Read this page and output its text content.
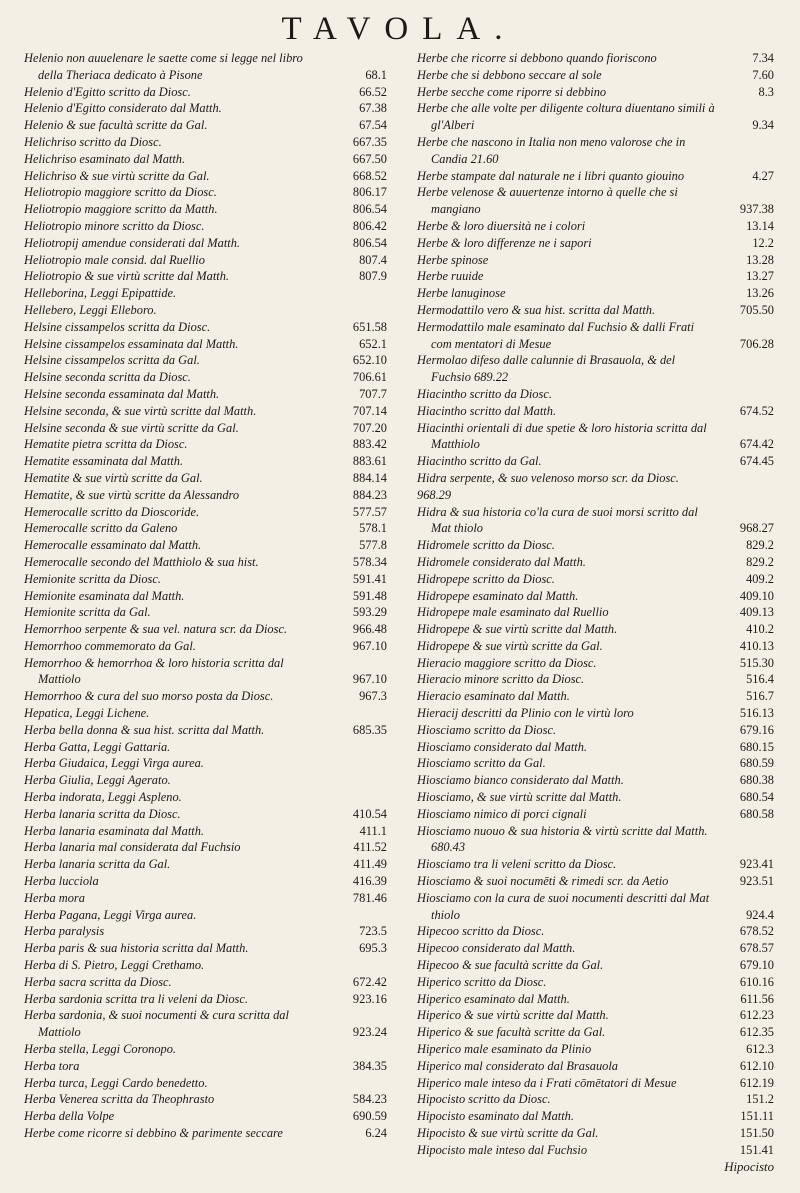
TAVOLA.
Helenio non auuelenare le saette come si legge nel libro della Theriaca dedicato à Pisone	68.1
Helenio d'Egitto scritto da Diosc.	66.52
Helenio d'Egitto considerato dal Matth.	67.38
Helenio & sue facultà scritte da Gal.	67.54
Helichriso scritto da Diosc.	667.35
Helichriso esaminato dal Matth.	667.50
Helichriso & sue virtù scritte da Gal.	668.52
Heliotropio maggiore scritto da Diosc.	806.17
Heliotropio maggiore scritto da Matth.	806.54
Heliotropio minore scritto da Diosc.	806.42
Heliotropij amendue considerati dal Matth.	806.54
Heliotropio male consid. dal Ruellio	807.4
Heliotropio & sue virtù scritte dal Matth.	807.9
Helleborina, Leggi Epipattide.
Hellebero, Leggi Elleboro.
Helsine cissampelos scritta da Diosc.	651.58
Helsine cissampelos essaminata dal Matth.	652.1
Helsine cissampelos scritta da Gal.	652.10
Helsine seconda scritta da Diosc.	706.61
Helsine seconda essaminata dal Matth.	707.7
Helsine seconda, & sue virtù scritte dal Matth.	707.14
Helsine seconda & sue virtù scritte da Gal.	707.20
Hematite pietra scritta da Diosc.	883.42
Hematite essaminata dal Matth.	883.61
Hematite & sue virtù scritte da Gal.	884.14
Hematite, & sue virtù scritte da Alessandro	884.23
Hemerocalle scritto da Dioscoride.	577.57
Hemerocalle scritto da Galeno	578.1
Hemerocalle essaminato dal Matth.	577.8
Hemerocalle secondo del Matthiolo & sua hist.	578.34
Hemionite scritta da Diosc.	591.41
Hemionite esaminata dal Matth.	591.48
Hemionite scritta da Gal.	593.29
Hemorrhoo serpente & sua vel. natura scr. da Diosc.	966.48
Hemorrhoo commemorato da Gal.	967.10
Hemorrhoo & hemorrhoa & loro historia scritta dal Mattiolo	967.10
Hemorrhoo & cura del suo morso posta da Diosc.	967.3
Hepatica, Leggi Lichene.
Herba bella donna & sua hist. scritta dal Matth.	685.35
Herba Gatta, Leggi Gattaria.
Herba Giudaica, Leggi Virga aurea.
Herba Giulia, Leggi Agerato.
Herba indorata, Leggi Aspleno.
Herba lanaria scritta da Diosc.	410.54
Herba lanaria esaminata dal Matth.	411.1
Herba lanaria mal considerata dal Fuchsio	411.52
Herba lanaria scritta da Gal.	411.49
Herba lucciola	416.39
Herba mora	781.46
Herba Pagana, Leggi Virga aurea.
Herba paralysis	723.5
Herba paris & sua historia scritta dal Matth.	695.3
Herba di S. Pietro, Leggi Crethamo.
Herba sacra scritta da Diosc.	672.42
Herba sardonia scritta tra li veleni da Diosc.	923.16
Herba sardonia, & suoi nocumenti & cura scritta dal Mattiolo	923.24
Herba stella, Leggi Coronopo.
Herba tora	384.35
Herba turca, Leggi Cardo benedetto.
Herba Venerea scritta da Theophrasto	584.23
Herba della Volpe	690.59
Herbe come ricorre si debbino & parimente seccare	6.24
Herbe che ricorre si debbono quando fioriscono	7.34
Herbe che si debbono seccare al sole	7.60
Herbe secche come riporre si debbino	8.3
Herbe che alle volte per diligente coltura diuentano simili à gl'Alberi	9.34
Herbe che nascono in Italia non meno valorose che in Candia 21.60
Herbe stampate dal naturale ne i libri quanto giouino	4.27
Herbe velenose & auuertenze intorno à quelle che si mangiano	937.38
Herbe & loro diuersità ne i colori	13.14
Herbe & loro differenze ne i sapori	12.2
Herbe spinose	13.28
Herbe ruuide	13.27
Herbe lanuginose	13.26
Hermodattilo vero & sua hist. scritta dal Matth.	705.50
Hermodattilo male esaminato dal Fuchsio & dalli Frati com mentatori di Mesue	706.28
Hermolao difeso dalle calunnie di Brasauola, & del Fuchsio 689.22
Hiacintho scritto da Diosc.
Hiacintho scritto dal Matth.	674.52
Hiacinthi orientali di due spetie & loro historia scritta dal Matthiolo	674.42
Hiacintho scritto da Gal.	674.45
Hidra serpente, & suo velenoso morso scr. da Diosc. 968.29
Hidra & sua historia co'la cura de suoi morsi scritto dal Mat thiolo	968.27
Hidromele scritto da Diosc.	829.2
Hidromele considerato dal Matth.	829.2
Hidropepe scritto da Diosc.	409.2
Hidropepe esaminato dal Matth.	409.10
Hidropepe male esaminato dal Ruellio	409.13
Hidropepe & sue virtù scritte dal Matth.	410.2
Hidropepe & sue virtù scritte da Gal.	410.13
Hieracio maggiore scritto da Diosc.	515.30
Hieracio minore scritto da Diosc.	516.4
Hieracio esaminato dal Matth.	516.7
Hieracij descritti da Plinio con le virtù loro	516.13
Hiosciamo scritto da Diosc.	679.16
Hiosciamo considerato dal Matth.	680.15
Hiosciamo scritto da Gal.	680.59
Hiosciamo bianco considerato dal Matth.	680.38
Hiosciamo, & sue virtù scritte dal Matth.	680.54
Hiosciamo nimico di porci cignali	680.58
Hiosciamo nuouo & sua historia & virtù scritte dal Matth. 680.43
Hiosciamo tra li veleni scritto da Diosc.	923.41
Hiosciamo & suoi nocumēti & rimedi scr. da Aetio	923.51
Hiosciamo con la cura de suoi nocumenti descritti dal Mat thiolo	924.4
Hipecoo scritto da Diosc.	678.52
Hipecoo considerato dal Matth.	678.57
Hipecoo & sue facultà scritte da Gal.	679.10
Hiperico scritto da Diosc.	610.16
Hiperico esaminato dal Matth.	611.56
Hiperico & sue virtù scritte dal Matth.	612.23
Hiperico & sue facultà scritte da Gal.	612.35
Hiperico male esaminato da Plinio	612.3
Hiperico mal considerato dal Brasauola	612.10
Hiperico male inteso da i Frati cōmētatori di Mesue	612.19
Hipocisto scritto da Diosc.	151.2
Hipocisto esaminato dal Matth.	151.11
Hipocisto & sue virtù scritte da Gal.	151.50
Hipocisto male inteso dal Fuchsio	151.41
Hipocisto
